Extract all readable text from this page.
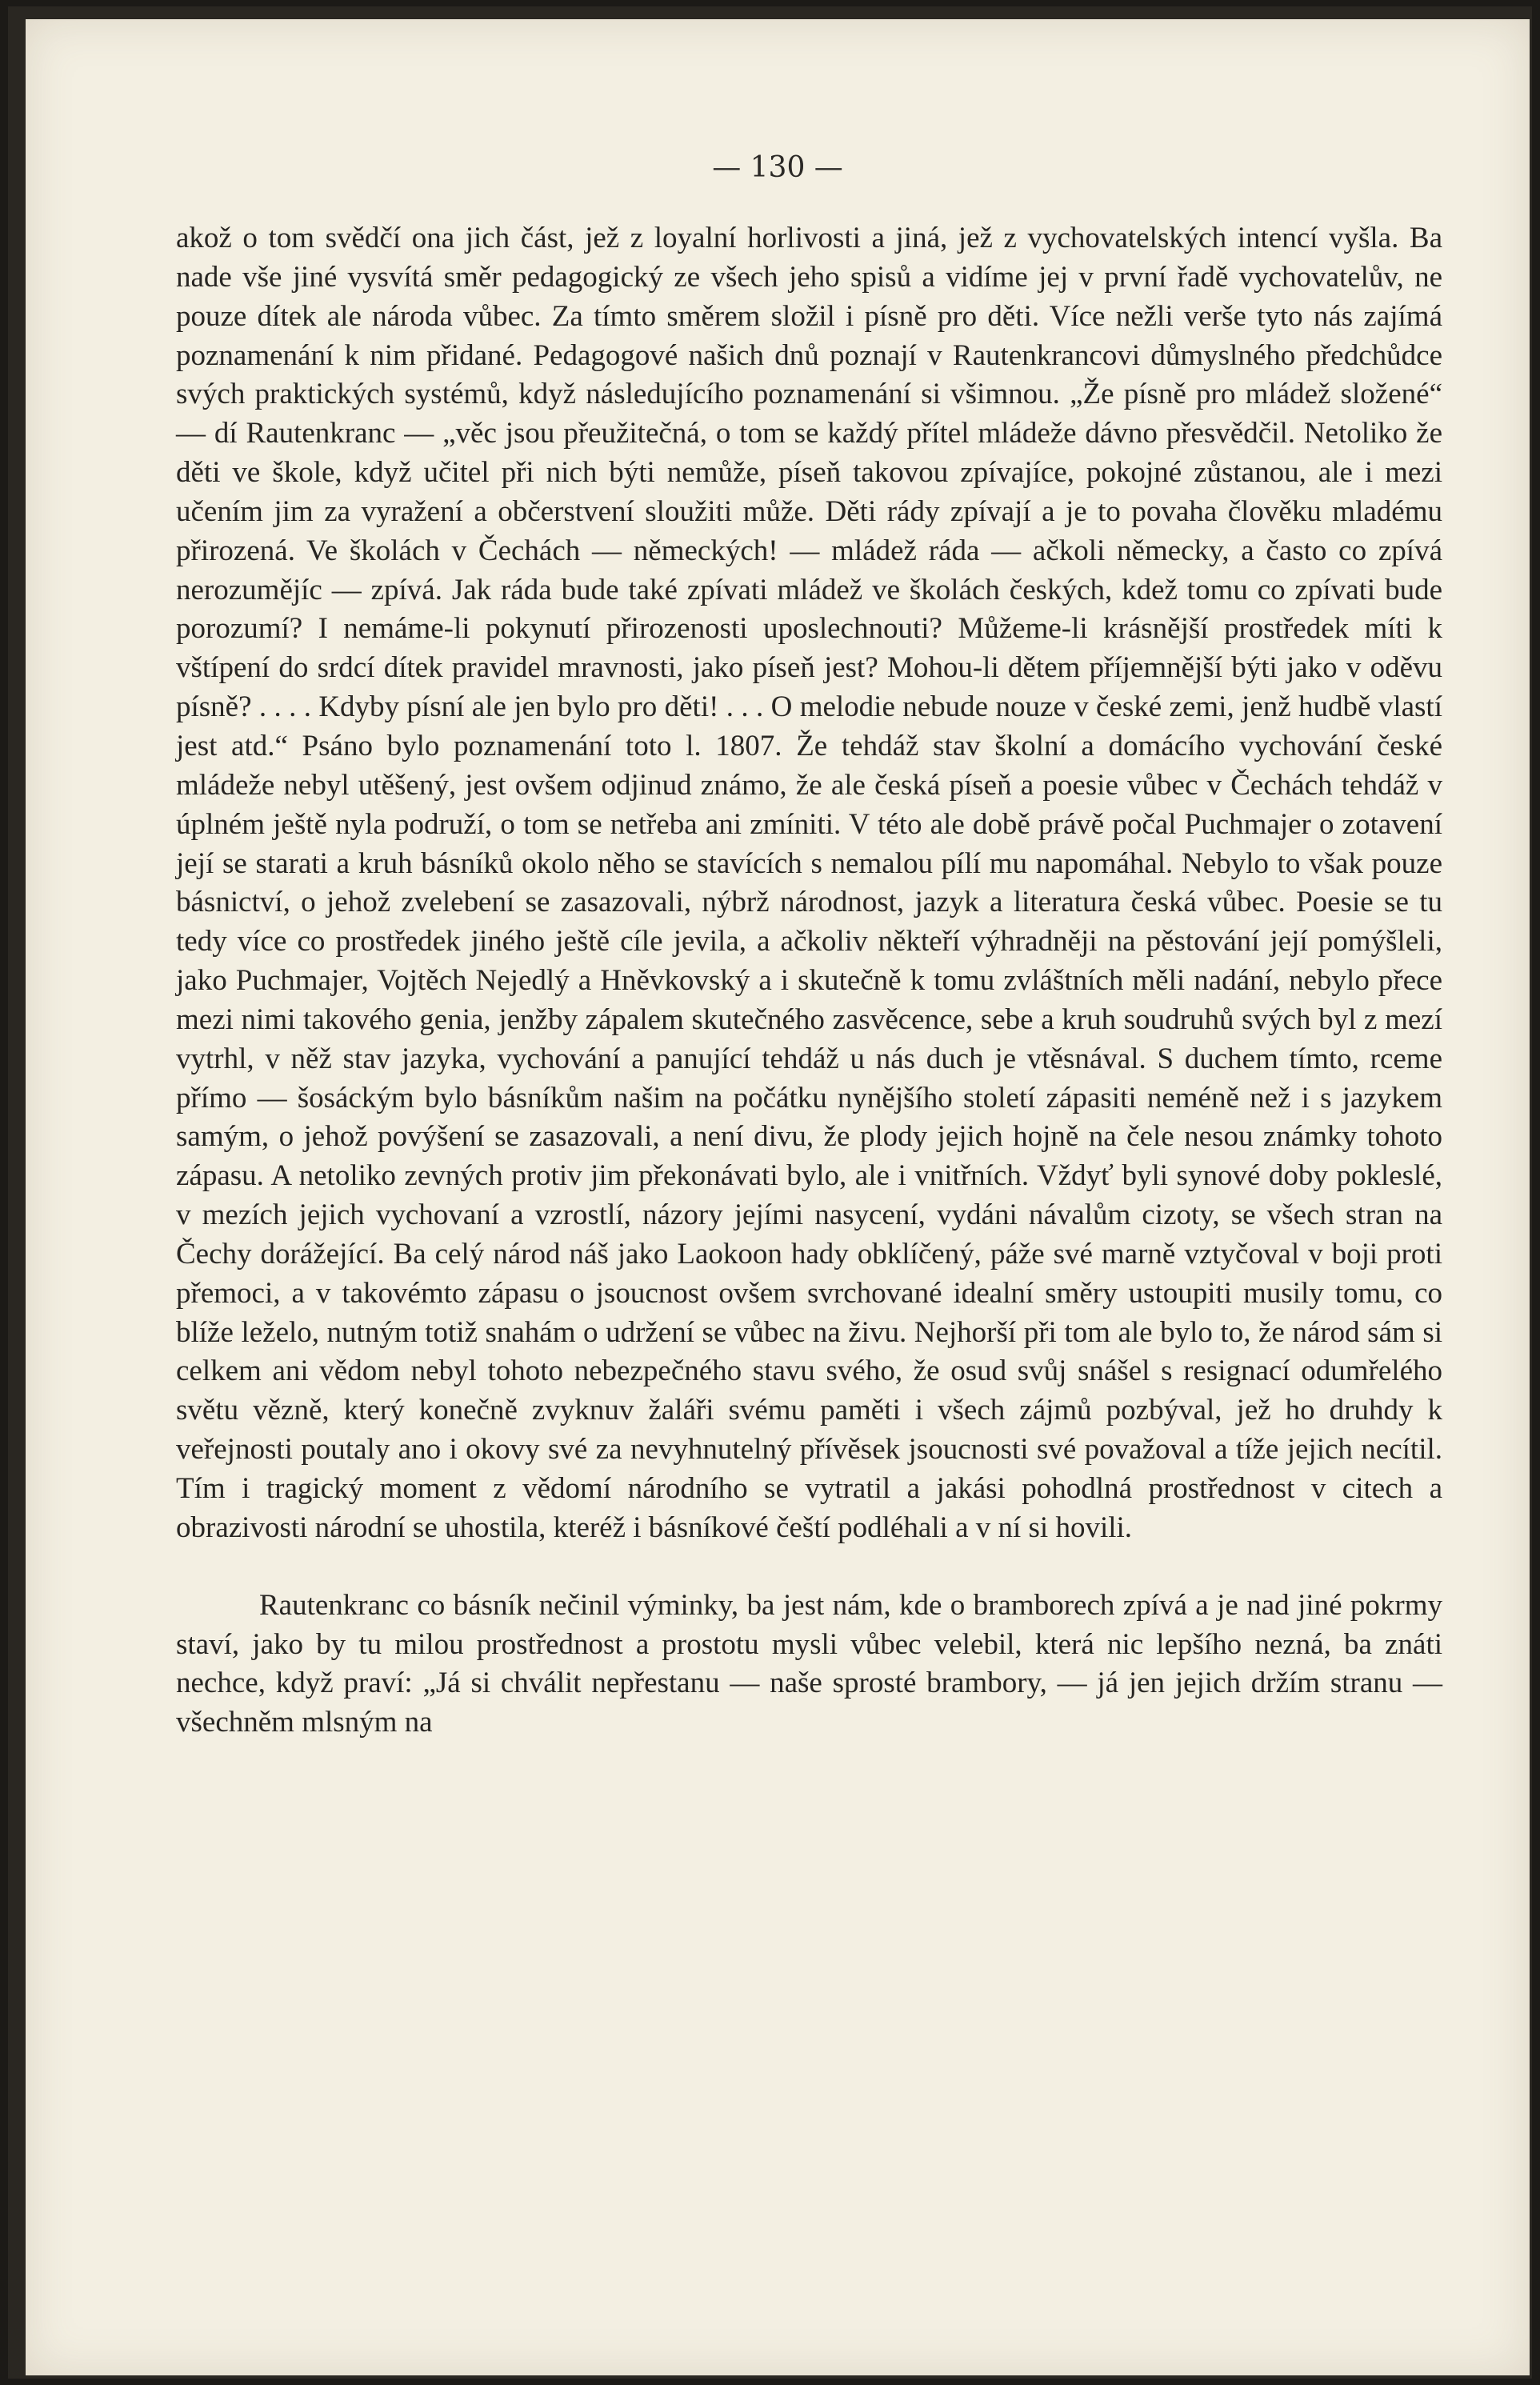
— 130 —

akož o tom svědčí ona jich část, jež z loyalní horlivosti a jiná, jež z vychovatelských intencí vyšla. Ba nade vše jiné vysvítá směr pedagogický ze všech jeho spisů a vidíme jej v první řadě vychovatelův, ne pouze dítek ale národa vůbec. Za tímto směrem složil i písně pro děti. Více nežli verše tyto nás zajímá poznamenání k nim přidané. Pedagogové našich dnů poznají v Rautenkrancovi důmyslného předchůdce svých praktických systémů, když následujícího poznamenání si všimnou. „Že písně pro mládež složené“ — dí Rautenkranc — „věc jsou přeužitečná, o tom se každý přítel mládeže dávno přesvědčil. Netoliko že děti ve škole, když učitel při nich býti nemůže, píseň takovou zpívajíce, pokojné zůstanou, ale i mezi učením jim za vyražení a občerstvení sloužiti může. Děti rády zpívají a je to povaha člověku mladému přirozená. Ve školách v Čechách — německých! — mládež ráda — ačkoli německy, a často co zpívá nerozumějíc — zpívá. Jak ráda bude také zpívati mládež ve školách českých, kdež tomu co zpívati bude porozumí? I nemáme-li pokynutí přirozenosti uposlechnouti? Můžeme-li krásnější prostředek míti k vštípení do srdcí dítek pravidel mravnosti, jako píseň jest? Mohou-li dětem příjemnější býti jako v oděvu písně? . . . . Kdyby písní ale jen bylo pro děti! . . . O melodie nebude nouze v české zemi, jenž hudbě vlastí jest atd.“ Psáno bylo poznamenání toto l. 1807. Že tehdáž stav školní a domácího vychování české mládeže nebyl utěšený, jest ovšem odjinud známo, že ale česká píseň a poesie vůbec v Čechách tehdáž v úplném ještě nyla podruží, o tom se netřeba ani zmíniti. V této ale době právě počal Puchmajer o zotavení její se starati a kruh básníků okolo něho se stavících s nemalou pílí mu napomáhal. Nebylo to však pouze básnictví, o jehož zvelebení se zasazovali, nýbrž národnost, jazyk a literatura česká vůbec. Poesie se tu tedy více co prostředek jiného ještě cíle jevila, a ačkoliv někteří výhradněji na pěstování její pomýšleli, jako Puchmajer, Vojtěch Nejedlý a Hněvkovský a i skutečně k tomu zvláštních měli nadání, nebylo přece mezi nimi takového genia, jenžby zápalem skutečného zasvěcence, sebe a kruh soudruhů svých byl z mezí vytrhl, v něž stav jazyka, vychování a panující tehdáž u nás duch je vtěsnával. S duchem tímto, rceme přímo — šosáckým bylo básníkům našim na počátku nynějšího století zápasiti neméně než i s jazykem samým, o jehož povýšení se zasazovali, a není divu, že plody jejich hojně na čele nesou známky tohoto zápasu. A netoliko zevných protiv jim překonávati bylo, ale i vnitřních. Vždyť byli synové doby pokleslé, v mezích jejich vychovaní a vzrostlí, názory jejími nasycení, vydáni návalům cizoty, se všech stran na Čechy dorážející. Ba celý národ náš jako Laokoon hady obklíčený, páže své marně vztyčoval v boji proti přemoci, a v takovémto zápasu o jsoucnost ovšem svrchované idealní směry ustoupiti musily tomu, co blíže leželo, nutným totiž snahám o udržení se vůbec na živu. Nejhorší při tom ale bylo to, že národ sám si celkem ani vědom nebyl tohoto nebezpečného stavu svého, že osud svůj snášel s resignací odumřelého světu vězně, který konečně zvyknuv žaláři svému paměti i všech zájmů pozbýval, jež ho druhdy k veřejnosti poutaly ano i okovy své za nevyhnutelný přívěsek jsoucnosti své považoval a tíže jejich necítil. Tím i tragický moment z vědomí národního se vytratil a jakási pohodlná prostřednost v citech a obrazivosti národní se uhostila, kteréž i básníkové čeští podléhali a v ní si hovili.

Rautenkranc co básník nečinil výminky, ba jest nám, kde o bramborech zpívá a je nad jiné pokrmy staví, jako by tu milou prostřednost a prostotu mysli vůbec velebil, která nic lepšího nezná, ba znáti nechce, když praví: „Já si chválit nepřestanu — naše sprosté brambory, — já jen jejich držím stranu — všechněm mlsným na
